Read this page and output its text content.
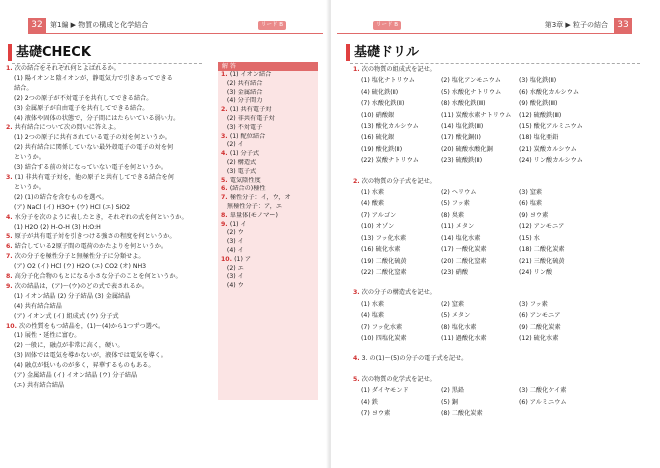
32	第1編 ▶ 物質の構成と化学結合	リード B
基礎CHECK
1. 次の結合をそれぞれ何とよばれるか。
(1) 陽イオンと陰イオンが，静電気力で引きあってできる
結合。
(2) 2つの原子が不対電子を共有してできる結合。
(3) 金属原子が自由電子を共有してできる結合。
(4) 液体や固体の状態で，分子間にはたらいている弱い力。
2. 共有結合について次の問いに答えよ。
(1) 2つの原子に共有されている電子の対を何というか。
(2) 共有結合に関係していない最外殻電子の電子の対を何
というか。
(3) 結合する前の対になっていない電子を何というか。
3. (1) 非共有電子対を，他の原子と共有してできる結合を何
というか。
(2) (1)の結合を含むものを選べ。
(ア) NaCl (イ) H3O+ (ウ) HCl (エ) SiO2
4. 水分子を次のように表したとき，それぞれの式を何というか。
(1) H2O (2) H-O-H (3) H:O:H
5. 原子が共有電子対を引きつける強さの程度を何というか。
6. 結合している2原子間の電荷のかたよりを何というか。
7. 次の分子を極性分子と無極性分子に分類せよ。
(ア) O2 (イ) HCl (ウ) H2O (エ) CO2 (オ) NH3
8. 高分子化合物のもとになる小さな分子のことを何というか。
9. 次の結晶は，(ア)〜(ウ)のどの式で表されるか。
(1) イオン結晶 (2) 分子結晶 (3) 金属結晶
(4) 共有結合結晶
(ア) イオン式 (イ) 組成式 (ウ) 分子式
10. 次の性質をもつ結晶を，(1)〜(4)から1つずつ選べ。
(1) 展性・延性に富む。
(2) 一般に，融点が非常に高く，硬い。
(3) 固体では電気を導かないが，液体では電気を導く。
(4) 融点が低いものが多く，昇華するものもある。
(ア) 金属結晶 (イ) イオン結晶 (ウ) 分子結晶
(エ) 共有結合結晶
解 答
1. (1) イオン結合
(2) 共有結合
(3) 金属結合
(4) 分子間力
2. (1) 共有電子対
(2) 非共有電子対
(3) 不対電子
3. (1) 配位結合
(2) イ
4. (1) 分子式
(2) 構造式
(3) 電子式
5. 電気陰性度
6. (結合の)極性
7. 極性分子：イ，ウ，オ
無極性分子：ア，エ
8. 単量体(モノマー)
9. (1) イ
(2) ウ
(3) イ
(4) イ
10. (1) ア
(2) エ
(3) イ
(4) ウ
リード B	第3章 ▶ 粒子の結合	33
基礎ドリル
1. 次の物質の組成式を記せ。
(1) 塩化ナトリウム	(2) 塩化アンモニウム	(3) 塩化鉄(Ⅱ)
(4) 硫化鉄(Ⅱ)	(5) 水酸化ナトリウム	(6) 水酸化カルシウム
(7) 水酸化鉄(Ⅱ)	(8) 水酸化鉄(Ⅲ)	(9) 酸化鉄(Ⅲ)
(10) 硝酸銀	(11) 炭酸水素ナトリウム	(12) 硫酸鉄(Ⅲ)
(13) 酸化カルシウム	(14) 塩化鉄(Ⅲ)	(15) 酸化アルミニウム
(16) 硫化銀	(17) 酸化銅(Ⅰ)	(18) 塩化亜鉛
(19) 酸化鉄(Ⅱ)	(20) 硫酸水酸化銅	(21) 炭酸カルシウム
(22) 炭酸ナトリウム	(23) 硫酸鉄(Ⅱ)	(24) リン酸カルシウム
2. 次の物質の分子式を記せ。
(1) 水素	(2) ヘリウム	(3) 窒素
(4) 酸素	(5) フッ素	(6) 塩素
(7) アルゴン	(8) 臭素	(9) ヨウ素
(10) オゾン	(11) メタン	(12) アンモニア
(13) フッ化水素	(14) 塩化水素	(15) 水
(16) 硫化水素	(17) 一酸化炭素	(18) 二酸化炭素
(19) 二酸化硫黄	(20) 二酸化窒素	(21) 三酸化硫黄
(22) 二酸化窒素	(23) 硝酸	(24) リン酸
3. 次の分子の構造式を記せ。
(1) 水素	(2) 窒素	(3) フッ素
(4) 塩素	(5) メタン	(6) アンモニア
(7) フッ化水素	(8) 塩化水素	(9) 二酸化炭素
(10) 四塩化炭素	(11) 過酸化水素	(12) 硫化水素
4. 3. の(1)〜(5)の分子の電子式を記せ。
5. 次の物質の化学式を記せ。
(1) ダイヤモンド	(2) 黒鉛	(3) 二酸化ケイ素
(4) 鉄	(5) 銅	(6) アルミニウム
(7) ヨウ素	(8) 二酸化炭素
